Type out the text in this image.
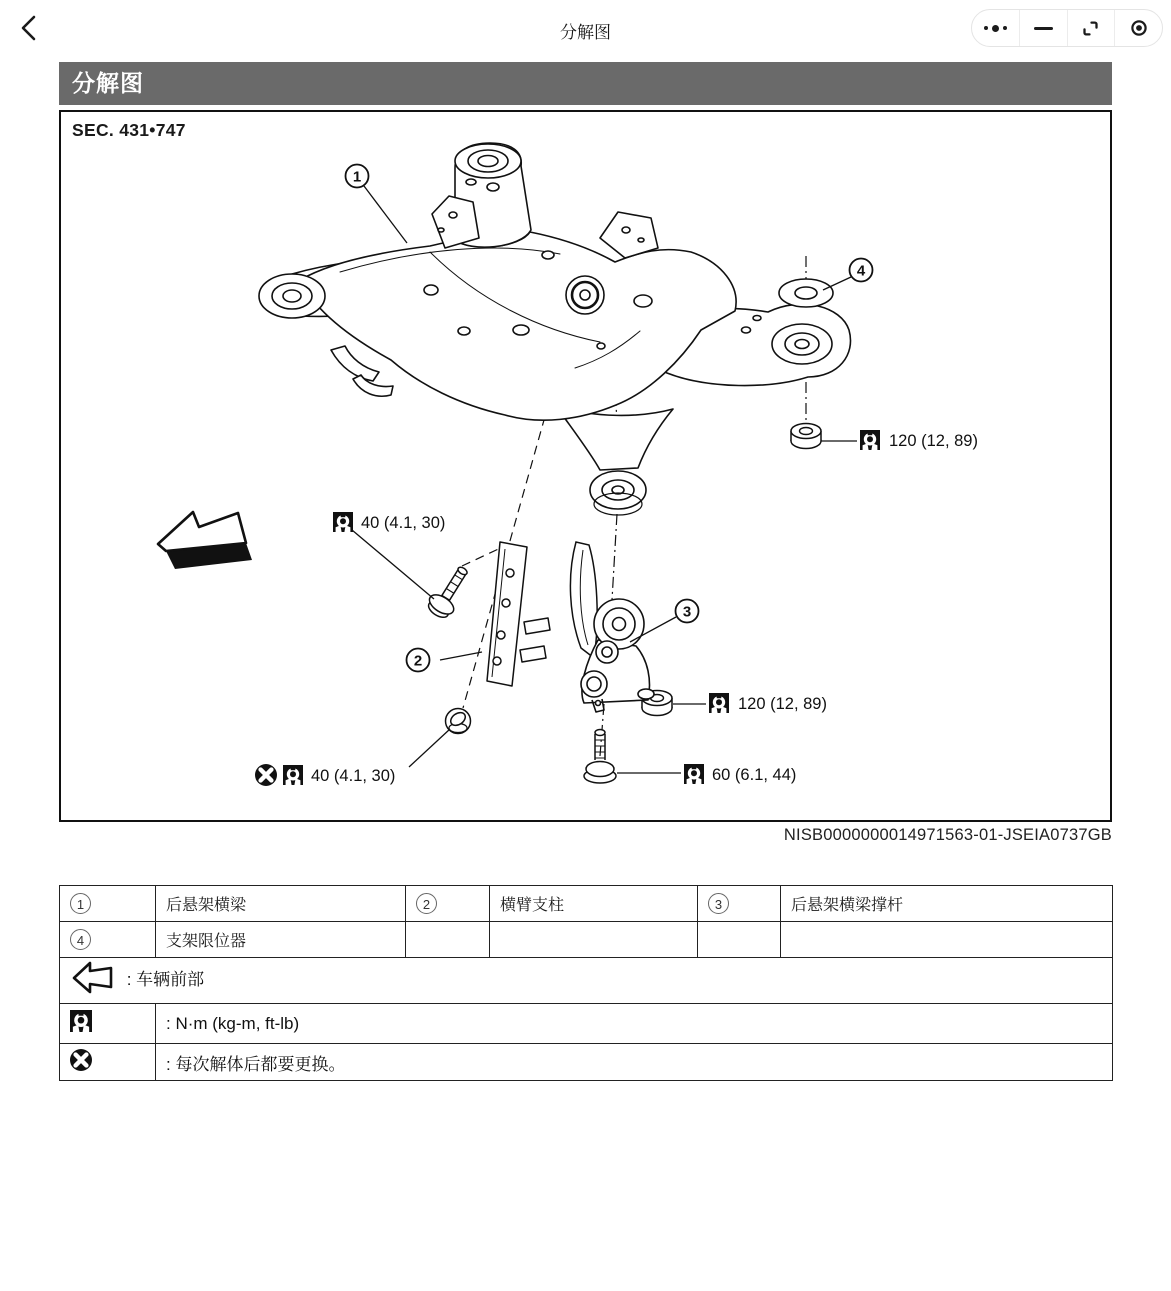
分解图
分解图
SEC. 431•747
1
2
3
4
120 (12, 89)
40 (4.1, 30)
40 (4.1, 30)
120 (12, 89)
60 (6.1, 44)
NISB0000000014971563-01-JSEIA0737GB
1	后悬架横梁	2	横臂支柱	3	后悬架横梁撑杆
4	支架限位器				
: 车辆前部	
	: N·m (kg-m, ft-lb)
	: 每次解体后都要更换。
